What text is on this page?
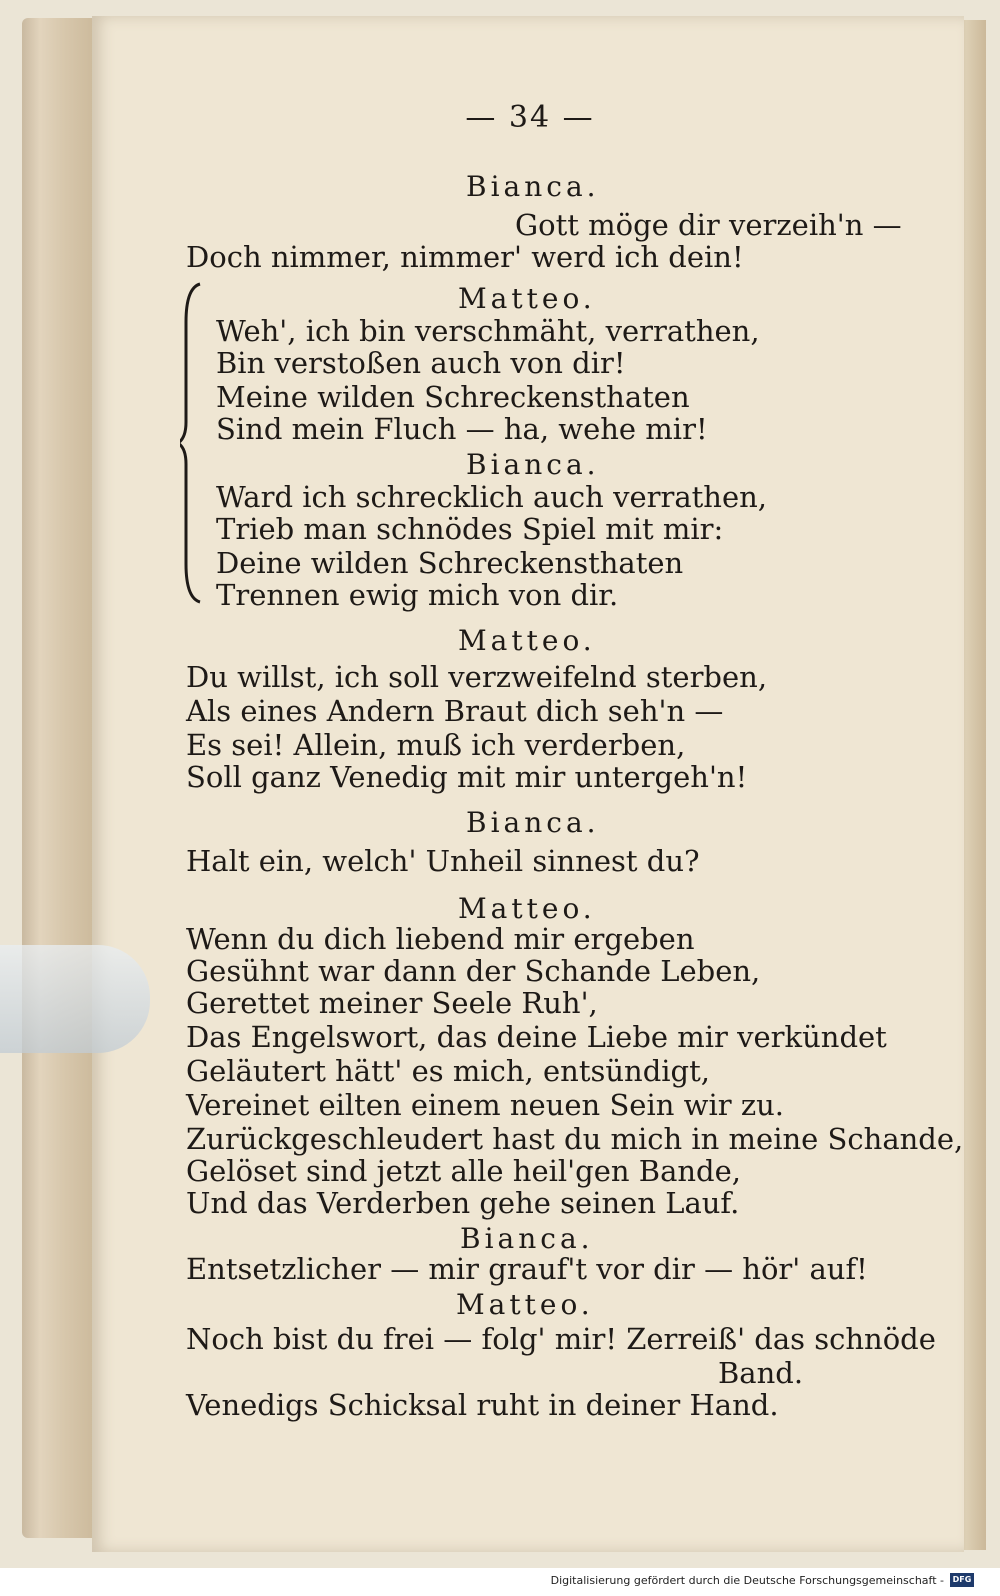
— 34 —
Bianca.
Gott möge dir verzeih'n —
Doch nimmer, nimmer' werd ich dein!
Matteo.
Weh', ich bin verschmäht, verrathen,
Bin verstoßen auch von dir!
Meine wilden Schreckensthaten
Sind mein Fluch — ha, wehe mir!
Bianca.
Ward ich schrecklich auch verrathen,
Trieb man schnödes Spiel mit mir:
Deine wilden Schreckensthaten
Trennen ewig mich von dir.
Matteo.
Du willst, ich soll verzweifelnd sterben,
Als eines Andern Braut dich seh'n —
Es sei! Allein, muß ich verderben,
Soll ganz Venedig mit mir untergeh'n!
Bianca.
Halt ein, welch' Unheil sinnest du?
Matteo.
Wenn du dich liebend mir ergeben
Gesühnt war dann der Schande Leben,
Gerettet meiner Seele Ruh',
Das Engelswort, das deine Liebe mir verkündet
Geläutert hätt' es mich, entsündigt,
Vereinet eilten einem neuen Sein wir zu.
Zurückgeschleudert hast du mich in meine Schande,
Gelöset sind jetzt alle heil'gen Bande,
Und das Verderben gehe seinen Lauf.
Bianca.
Entsetzlicher — mir grauf't vor dir — hör' auf!
Matteo.
Noch bist du frei — folg' mir! Zerreiß' das schnöde
Band.
Venedigs Schicksal ruht in deiner Hand.
Digitalisierung gefördert durch die Deutsche Forschungsgemeinschaft -	DFG
